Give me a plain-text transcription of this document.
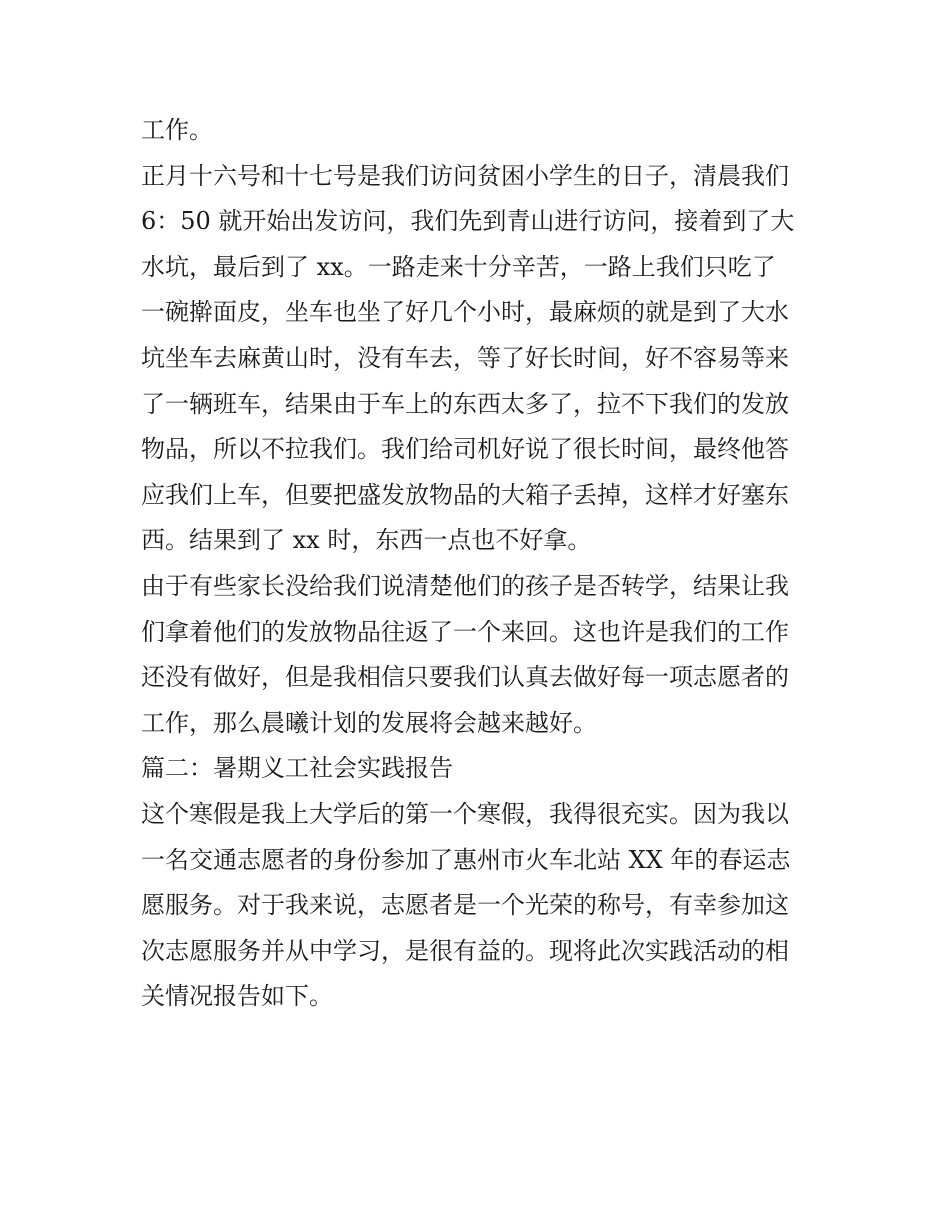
工作。
正月十六号和十七号是我们访问贫困小学生的日子，清晨我们
6：50 就开始出发访问，我们先到青山进行访问，接着到了大
水坑，最后到了 xx。一路走来十分辛苦，一路上我们只吃了
一碗擀面皮，坐车也坐了好几个小时，最麻烦的就是到了大水
坑坐车去麻黄山时，没有车去，等了好长时间，好不容易等来
了一辆班车，结果由于车上的东西太多了，拉不下我们的发放
物品，所以不拉我们。我们给司机好说了很长时间，最终他答
应我们上车，但要把盛发放物品的大箱子丢掉，这样才好塞东
西。结果到了 xx 时，东西一点也不好拿。
由于有些家长没给我们说清楚他们的孩子是否转学，结果让我
们拿着他们的发放物品往返了一个来回。这也许是我们的工作
还没有做好，但是我相信只要我们认真去做好每一项志愿者的
工作，那么晨曦计划的发展将会越来越好。
篇二：暑期义工社会实践报告
这个寒假是我上大学后的第一个寒假，我得很充实。因为我以
一名交通志愿者的身份参加了惠州市火车北站 XX 年的春运志
愿服务。对于我来说，志愿者是一个光荣的称号，有幸参加这
次志愿服务并从中学习，是很有益的。现将此次实践活动的相
关情况报告如下。
